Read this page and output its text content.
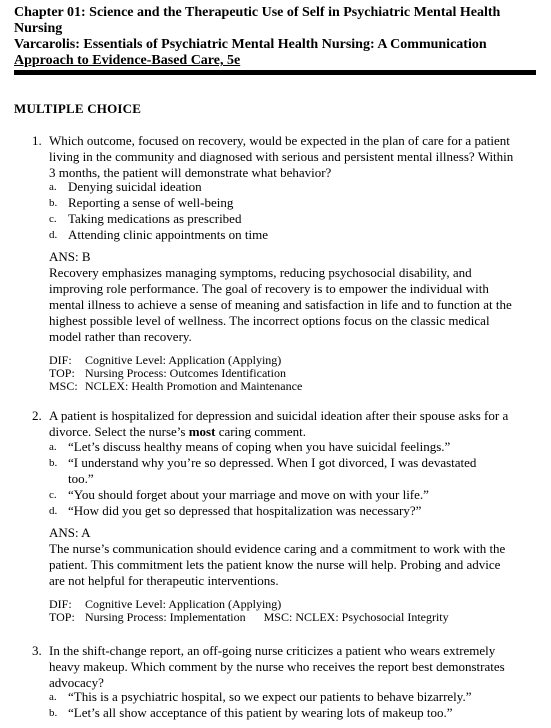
Chapter 01: Science and the Therapeutic Use of Self in Psychiatric Mental Health
Nursing
Varcarolis: Essentials of Psychiatric Mental Health Nursing: A Communication
Approach to Evidence-Based Care, 5e
MULTIPLE CHOICE
1. Which outcome, focused on recovery, would be expected in the plan of care for a patient
living in the community and diagnosed with serious and persistent mental illness? Within
3 months, the patient will demonstrate what behavior?
a. Denying suicidal ideation
b. Reporting a sense of well-being
c. Taking medications as prescribed
d. Attending clinic appointments on time
ANS: B
Recovery emphasizes managing symptoms, reducing psychosocial disability, and
improving role performance. The goal of recovery is to empower the individual with
mental illness to achieve a sense of meaning and satisfaction in life and to function at the
highest possible level of wellness. The incorrect options focus on the classic medical
model rather than recovery.
DIF: Cognitive Level: Application (Applying)
TOP: Nursing Process: Outcomes Identification
MSC: NCLEX: Health Promotion and Maintenance
2. A patient is hospitalized for depression and suicidal ideation after their spouse asks for a
divorce. Select the nurse’s most caring comment.
a. “Let’s discuss healthy means of coping when you have suicidal feelings.”
b. “I understand why you’re so depressed. When I got divorced, I was devastated
too.”
c. “You should forget about your marriage and move on with your life.”
d. “How did you get so depressed that hospitalization was necessary?”
ANS: A
The nurse’s communication should evidence caring and a commitment to work with the
patient. This commitment lets the patient know the nurse will help. Probing and advice
are not helpful for therapeutic interventions.
DIF: Cognitive Level: Application (Applying)
TOP: Nursing Process: Implementation MSC: NCLEX: Psychosocial Integrity
3. In the shift-change report, an off-going nurse criticizes a patient who wears extremely
heavy makeup. Which comment by the nurse who receives the report best demonstrates
advocacy?
a. “This is a psychiatric hospital, so we expect our patients to behave bizarrely.”
b. “Let’s all show acceptance of this patient by wearing lots of makeup too.”
